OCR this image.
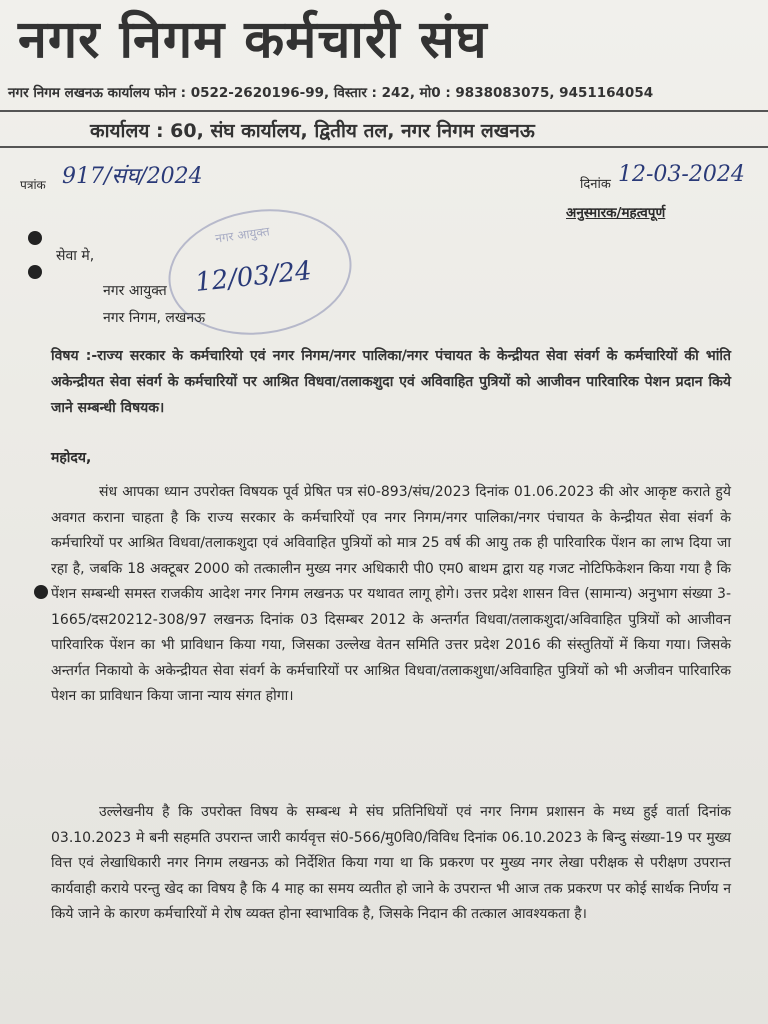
नगर निगम कर्मचारी संघ
नगर निगम लखनऊ कार्यालय फोन : 0522-2620196-99, विस्तार : 242, मो0 : 9838083075, 9451164054
कार्यालय : 60, संघ कार्यालय, द्वितीय तल, नगर निगम लखनऊ
पत्रांक 917/संघ/2024	दिनांक 12-03-2024
अनुस्मारक/महत्वपूर्ण
नगर आयुक्त
12/03/24
सेवा मे,
नगर आयुक्त
नगर निगम, लखनऊ
विषय :-राज्य सरकार के कर्मचारियो एवं नगर निगम/नगर पालिका/नगर पंचायत के केन्द्रीयत सेवा संवर्ग के कर्मचारियों की भांति अकेन्द्रीयत सेवा संवर्ग के कर्मचारियों पर आश्रित विधवा/तलाकशुदा एवं अविवाहित पुत्रियों को आजीवन पारिवारिक पेशन प्रदान किये जाने सम्बन्धी विषयक।
महोदय,
संध आपका ध्यान उपरोक्त विषयक पूर्व प्रेषित पत्र सं0-893/संघ/2023 दिनांक 01.06.2023 की ओर आकृष्ट कराते हुये अवगत कराना चाहता है कि राज्य सरकार के कर्मचारियों एव नगर निगम/नगर पालिका/नगर पंचायत के केन्द्रीयत सेवा संवर्ग के कर्मचारियों पर आश्रित विधवा/तलाकशुदा एवं अविवाहित पुत्रियों को मात्र 25 वर्ष की आयु तक ही पारिवारिक पेंशन का लाभ दिया जा रहा है, जबकि 18 अक्टूबर 2000 को तत्कालीन मुख्य नगर अधिकारी पी0 एम0 बाथम द्वारा यह गजट नोटिफिकेशन किया गया है कि पेंशन सम्बन्धी समस्त राजकीय आदेश नगर निगम लखनऊ पर यथावत लागू होगे। उत्तर प्रदेश शासन वित्त (सामान्य) अनुभाग संख्या 3-1665/दस20212-308/97 लखनऊ दिनांक 03 दिसम्बर 2012 के अन्तर्गत विधवा/तलाकशुदा/अविवाहित पुत्रियों को आजीवन पारिवारिक पेंशन का भी प्राविधान किया गया, जिसका उल्लेख वेतन समिति उत्तर प्रदेश 2016 की संस्तुतियों में किया गया। जिसके अन्तर्गत निकायो के अकेन्द्रीयत सेवा संवर्ग के कर्मचारियों पर आश्रित विधवा/तलाकशुधा/अविवाहित पुत्रियों को भी अजीवन पारिवारिक पेशन का प्राविधान किया जाना न्याय संगत होगा।
उल्लेखनीय है कि उपरोक्त विषय के सम्बन्ध मे संघ प्रतिनिधियों एवं नगर निगम प्रशासन के मध्य हुई वार्ता दिनांक 03.10.2023 मे बनी सहमति उपरान्त जारी कार्यवृत्त सं0-566/मु0वि0/विविध दिनांक 06.10.2023 के बिन्दु संख्या-19 पर मुख्य वित्त एवं लेखाधिकारी नगर निगम लखनऊ को निर्देशित किया गया था कि प्रकरण पर मुख्य नगर लेखा परीक्षक से परीक्षण उपरान्त कार्यवाही कराये परन्तु खेद का विषय है कि 4 माह का समय व्यतीत हो जाने के उपरान्त भी आज तक प्रकरण पर कोई सार्थक निर्णय न किये जाने के कारण कर्मचारियों मे रोष व्यक्त होना स्वाभाविक है, जिसके निदान की तत्काल आवश्यकता है।
